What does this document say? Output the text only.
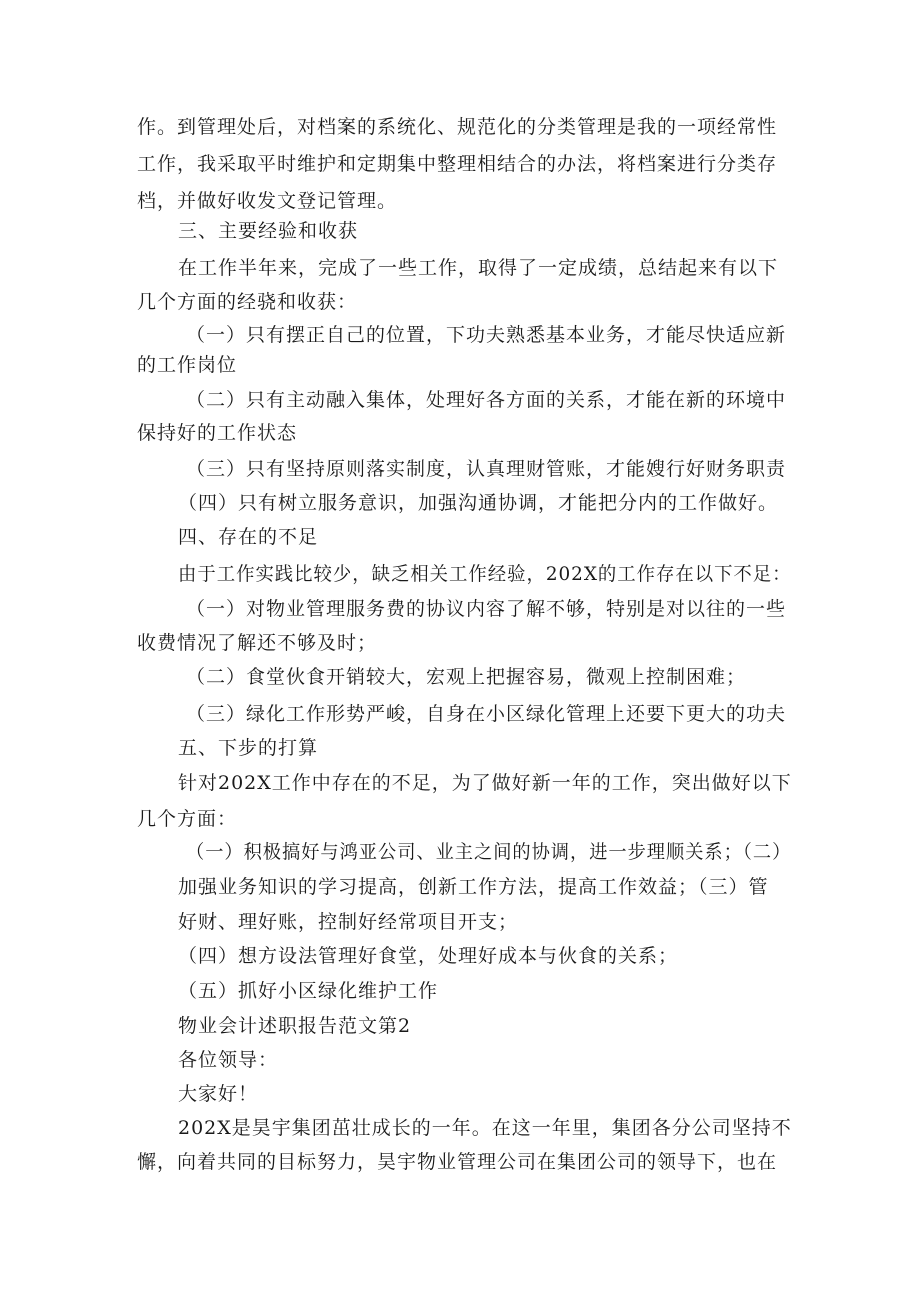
作。到管理处后，对档案的系统化、规范化的分类管理是我的一项经常性
工作，我采取平时维护和定期集中整理相结合的办法，将档案进行分类存
档，并做好收发文登记管理。
三、主要经验和收获
在工作半年来，完成了一些工作，取得了一定成绩，总结起来有以下
几个方面的经骁和收获：
（一）只有摆正自己的位置，下功夫熟悉基本业务，才能尽快适应新
的工作岗位
（二）只有主动融入集体，处理好各方面的关系，才能在新的环境中
保持好的工作状态
（三）只有坚持原则落实制度，认真理财管账，才能嫂行好财务职责
（四）只有树立服务意识，加强沟通协调，才能把分内的工作做好。
四、存在的不足
由于工作实践比较少，缺乏相关工作经验，202X的工作存在以下不足：
（一）对物业管理服务费的协议内容了解不够，特别是对以往的一些
收费情况了解还不够及时；
（二）食堂伙食开销较大，宏观上把握容易，微观上控制困难；
（三）绿化工作形势严峻，自身在小区绿化管理上还要下更大的功夫
五、下步的打算
针对202X工作中存在的不足，为了做好新一年的工作，突出做好以下
几个方面：
（一）积极搞好与鸿亚公司、业主之间的协调，进一步理顺关系；（二）
加强业务知识的学习提高，创新工作方法，提高工作效益；（三）管
好财、理好账，控制好经常项目开支；
（四）想方设法管理好食堂，处理好成本与伙食的关系；
（五）抓好小区绿化维护工作
物业会计述职报告范文第2
各位领导：
大家好！
202X是昊宇集团茁壮成长的一年。在这一年里，集团各分公司坚持不
懈，向着共同的目标努力，昊宇物业管理公司在集团公司的领导下，也在
